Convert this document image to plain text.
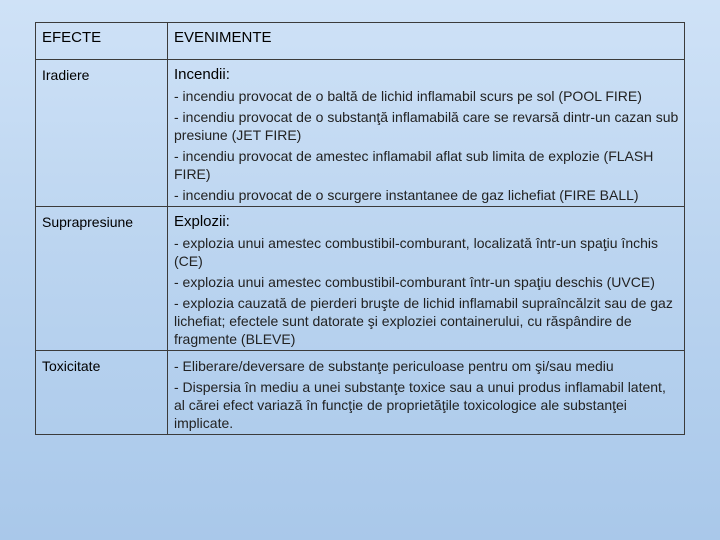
EFECTE	EVENIMENTE

Iradiere	Incendii:
- incendiu provocat de o baltă de lichid inflamabil scurs pe sol (POOL FIRE)
- incendiu provocat de o substanţă inflamabilă care se revarsă dintr-un cazan sub presiune (JET FIRE)
- incendiu provocat de amestec inflamabil aflat sub limita de explozie (FLASH FIRE)
- incendiu provocat de o scurgere instantanee de gaz lichefiat (FIRE BALL)

Suprapresiune	Explozii:
- explozia unui amestec combustibil-comburant, localizată într-un spaţiu închis (CE)
- explozia unui amestec combustibil-comburant într-un spaţiu deschis (UVCE)
- explozia cauzată de pierderi bruşte de lichid inflamabil supraîncălzit sau de gaz lichefiat; efectele sunt datorate şi exploziei containerului, cu răspândire de fragmente (BLEVE)

Toxicitate	- Eliberare/deversare de substanţe periculoase pentru om şi/sau mediu
- Dispersia în mediu a unei substanţe toxice sau a unui produs inflamabil latent, al cărei efect variază în funcţie de proprietăţile toxicologice ale substanţei implicate.
